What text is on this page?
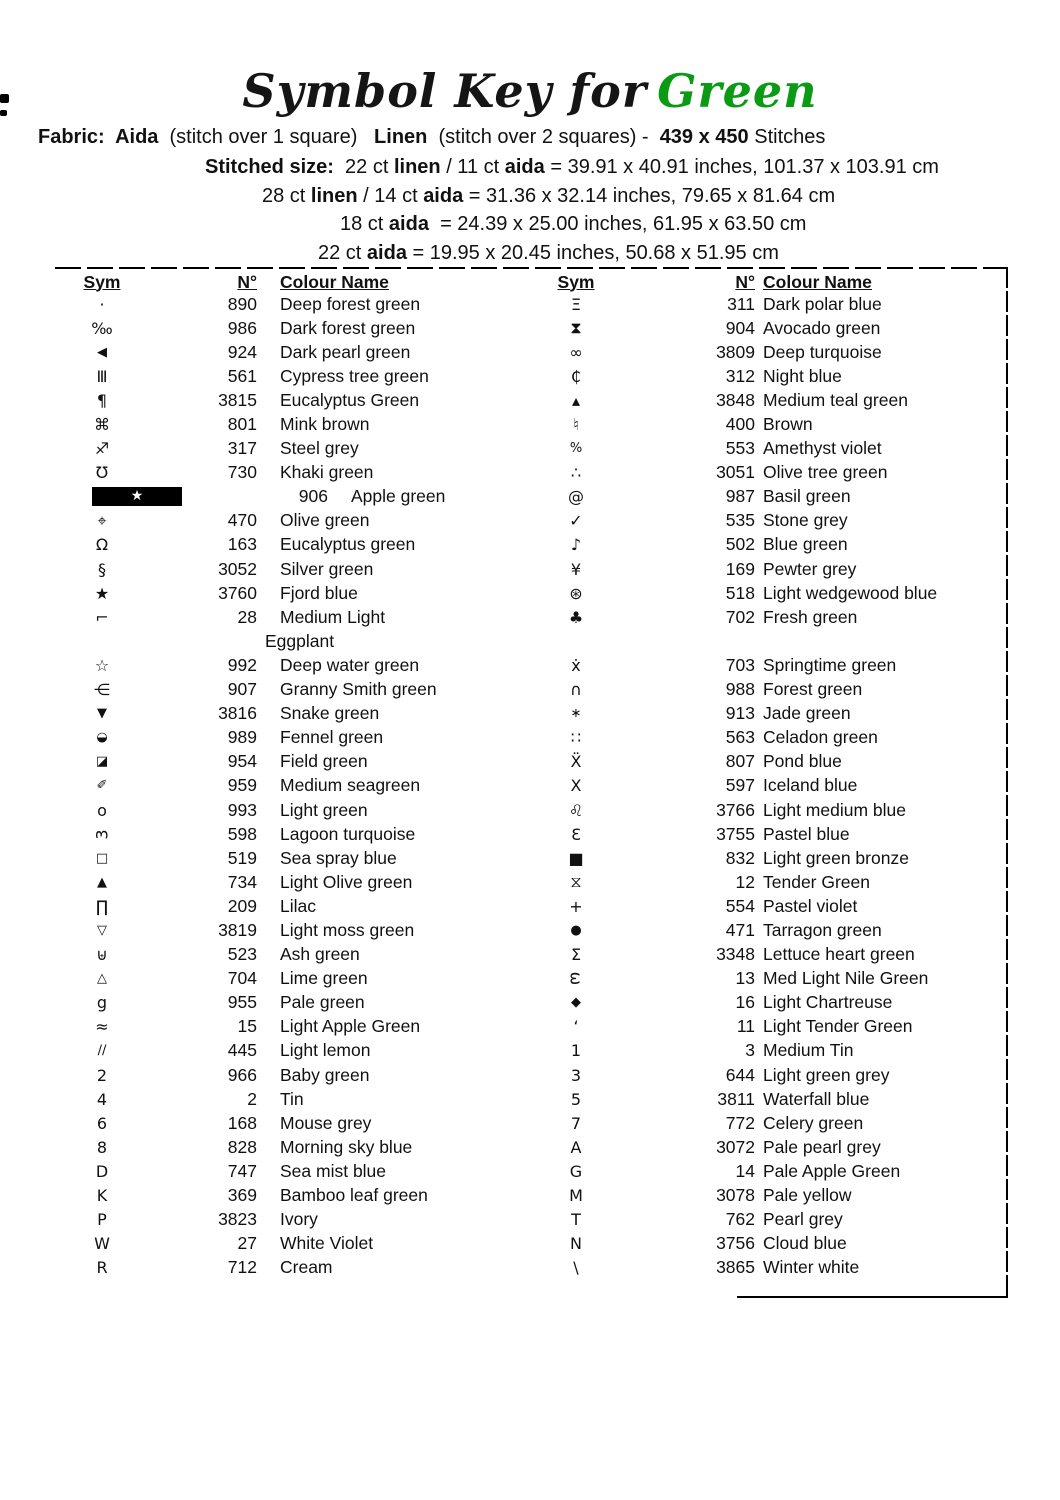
Symbol Key for Green
Fabric:  Aida  (stitch over 1 square)   Linen  (stitch over 2 squares) -  439 x 450 Stitches
Stitched size: 22 ct linen / 11 ct aida = 39.91 x 40.91 inches, 101.37 x 103.91 cm
28 ct linen / 14 ct aida = 31.36 x 32.14 inches, 79.65 x 81.64 cm
18 ct aida  = 24.39 x 25.00 inches, 61.95 x 63.50 cm
22 ct aida = 19.95 x 20.45 inches, 50.68 x 51.95 cm
Sym	N°	Colour Name
·	890	Deep forest green
‰	986	Dark forest green
◀	924	Dark pearl green
Ⅲ	561	Cypress tree green
¶	3815	Eucalyptus Green
⌘	801	Mink brown
♐	317	Steel grey
Ʊ	730	Khaki green
★	906	Apple green
⌖	470	Olive green
Ω	163	Eucalyptus green
§	3052	Silver green
★	3760	Fjord blue
⌐	28	Medium Light
Eggplant
☆	992	Deep water green
⋲	907	Granny Smith green
▼	3816	Snake green
◒	989	Fennel green
◪	954	Field green
✐	959	Medium seagreen
o	993	Light green
3	598	Lagoon turquoise
□	519	Sea spray blue
▲	734	Light Olive green
∏	209	Lilac
▽	3819	Light moss green
⊎	523	Ash green
△	704	Lime green
g	955	Pale green
≈	15	Light Apple Green
∕∕	445	Light lemon
2	966	Baby green
4	2	Tin
6	168	Mouse grey
8	828	Morning sky blue
D	747	Sea mist blue
K	369	Bamboo leaf green
P	3823	Ivory
W	27	White Violet
R	712	Cream
Sym	N° Colour Name
Ξ	311 Dark polar blue
⧗	904 Avocado green
∞	3809 Deep turquoise
₵	312 Night blue
▴	3848 Medium teal green
♮	400 Brown
%	553 Amethyst violet
∴	3051 Olive tree green
@	987 Basil green
✓	535 Stone grey
♪	502 Blue green
¥	169 Pewter grey
⊛	518 Light wedgewood blue
♣	702 Fresh green
ẋ	703 Springtime green
∩	988 Forest green
∗	913 Jade green
∷	563 Celadon green
Ẍ	807 Pond blue
X	597 Iceland blue
♌	3766 Light medium blue
Ɛ	3755 Pastel blue
■	832 Light green bronze
⧖	12 Tender Green
+	554 Pastel violet
●	471 Tarragon green
Σ	3348 Lettuce heart green
ω	13 Med Light Nile Green
◆	16 Light Chartreuse
‘	11 Light Tender Green
1	3 Medium Tin
3	644 Light green grey
5	3811 Waterfall blue
7	772 Celery green
A	3072 Pale pearl grey
G	14 Pale Apple Green
M	3078 Pale yellow
T	762 Pearl grey
N	3756 Cloud blue
\	3865 Winter white
